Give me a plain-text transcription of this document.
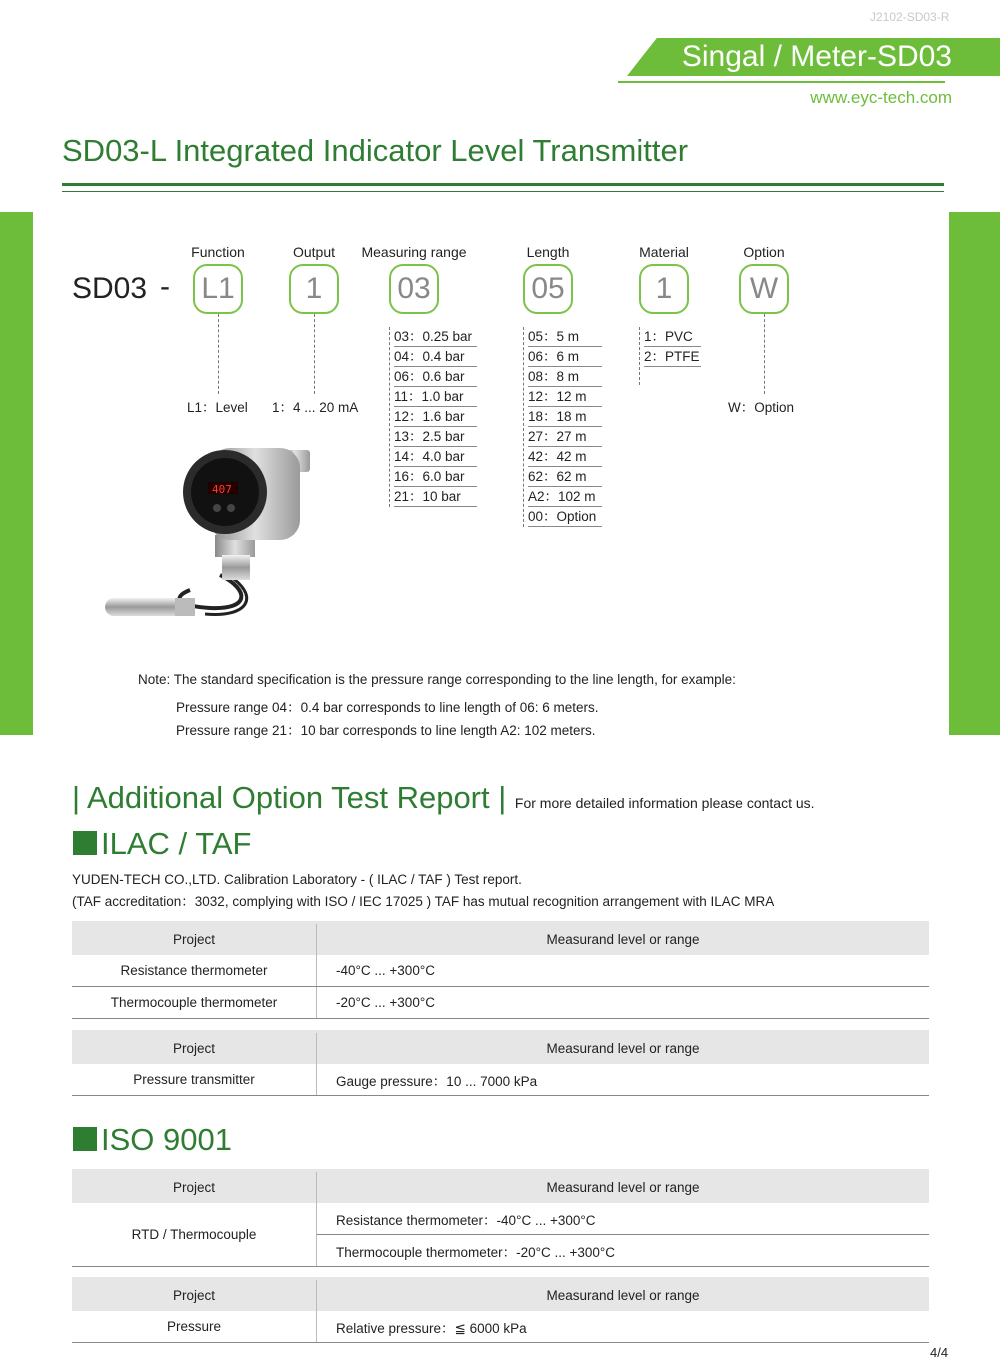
J2102-SD03-R
Singal / Meter-SD03
www.eyc-tech.com
SD03-L Integrated Indicator Level Transmitter
SD03 -
Function	Output	Measuring range	Length	Material	Option
L1	1	03	05	1	W
L1：Level 1：4 ... 20 mA	W：Option
03：0.25 bar
04：0.4 bar
06：0.6 bar
11：1.0 bar
12：1.6 bar
13：2.5 bar
14：4.0 bar
16：6.0 bar
21：10 bar
05：5 m
06：6 m
08：8 m
12：12 m
18：18 m
27：27 m
42：42 m
62：62 m
A2：102 m
00：Option
1：PVC
2：PTFE
407
Note: The standard specification is the pressure range corresponding to the line length, for example:
Pressure range 04：0.4 bar corresponds to line length of 06: 6 meters.
Pressure range 21：10 bar corresponds to line length A2: 102 meters.
| Additional Option Test Report | For more detailed information please contact us.
ILAC / TAF
YUDEN-TECH CO.,LTD. Calibration Laboratory - ( ILAC / TAF ) Test report.
(TAF accreditation：3032, complying with ISO / IEC 17025 ) TAF has mutual recognition arrangement with ILAC MRA
Project	Measurand level or range
Resistance thermometer	-40°C ... +300°C
Thermocouple thermometer	-20°C ... +300°C
Project	Measurand level or range
Pressure transmitter	Gauge pressure：10 ... 7000 kPa
ISO 9001
Project	Measurand level or range
RTD / Thermocouple	Resistance thermometer：-40°C ... +300°C
	Thermocouple thermometer：-20°C ... +300°C
Project	Measurand level or range
Pressure	Relative pressure：≦ 6000 kPa
4/4
